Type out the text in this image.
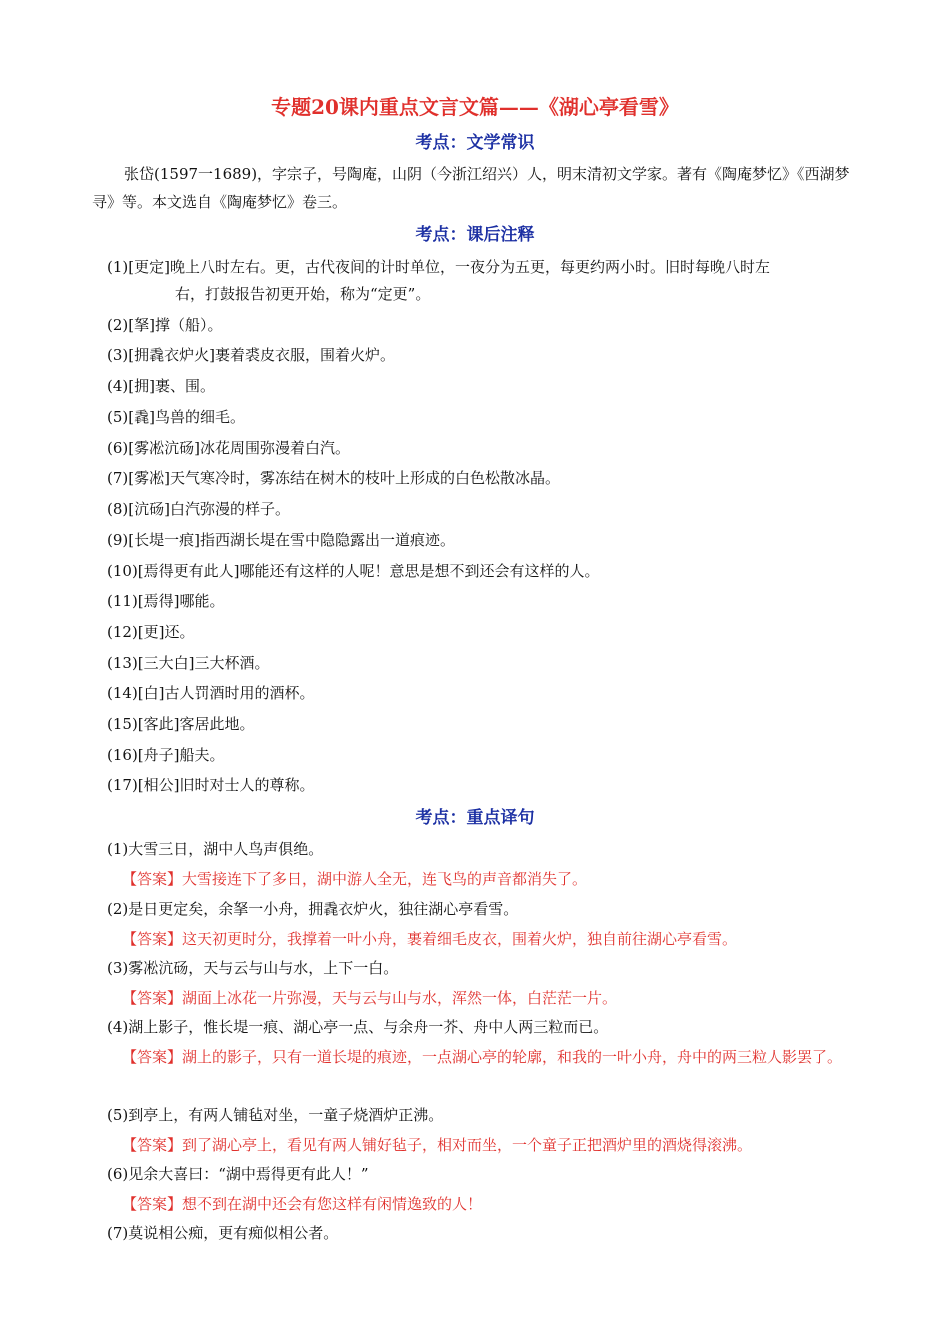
专题20课内重点文言文篇——《湖心亭看雪》
考点：文学常识
张岱(1597一1689)，字宗子，号陶庵，山阴（今浙江绍兴）人，明末清初文学家。著有《陶庵梦忆》《西湖梦寻》等。本文选自《陶庵梦忆》卷三。
考点：课后注释
(1)[更定]晚上八时左右。更，古代夜间的计时单位，一夜分为五更，每更约两小时。旧时每晚八时左
右，打鼓报告初更开始，称为“定更”。
(2)[拏]撑（船）。
(3)[拥毳衣炉火]裹着裘皮衣服，围着火炉。
(4)[拥]裹、围。
(5)[毳]鸟兽的细毛。
(6)[雾凇沆砀]冰花周围弥漫着白汽。
(7)[雾凇]天气寒冷时，雾冻结在树木的枝叶上形成的白色松散冰晶。
(8)[沆砀]白汽弥漫的样子。
(9)[长堤一痕]指西湖长堤在雪中隐隐露出一道痕迹。
(10)[焉得更有此人]哪能还有这样的人呢！意思是想不到还会有这样的人。
(11)[焉得]哪能。
(12)[更]还。
(13)[三大白]三大杯酒。
(14)[白]古人罚酒时用的酒杯。
(15)[客此]客居此地。
(16)[舟子]船夫。
(17)[相公]旧时对士人的尊称。
考点：重点译句
(1)大雪三日，湖中人鸟声俱绝。
【答案】大雪接连下了多日，湖中游人全无，连飞鸟的声音都消失了。
(2)是日更定矣，余拏一小舟，拥毳衣炉火，独往湖心亭看雪。
【答案】这天初更时分，我撑着一叶小舟，裹着细毛皮衣，围着火炉，独自前往湖心亭看雪。
(3)雾凇沆砀，天与云与山与水，上下一白。
【答案】湖面上冰花一片弥漫，天与云与山与水，浑然一体，白茫茫一片。
(4)湖上影子，惟长堤一痕、湖心亭一点、与余舟一芥、舟中人两三粒而已。
【答案】湖上的影子，只有一道长堤的痕迹，一点湖心亭的轮廓，和我的一叶小舟，舟中的两三粒人影罢了。
(5)到亭上，有两人铺毡对坐，一童子烧酒炉正沸。
【答案】到了湖心亭上，看见有两人铺好毡子，相对而坐，一个童子正把酒炉里的酒烧得滚沸。
(6)见余大喜曰：“湖中焉得更有此人！”
【答案】想不到在湖中还会有您这样有闲情逸致的人！
(7)莫说相公痴，更有痴似相公者。
